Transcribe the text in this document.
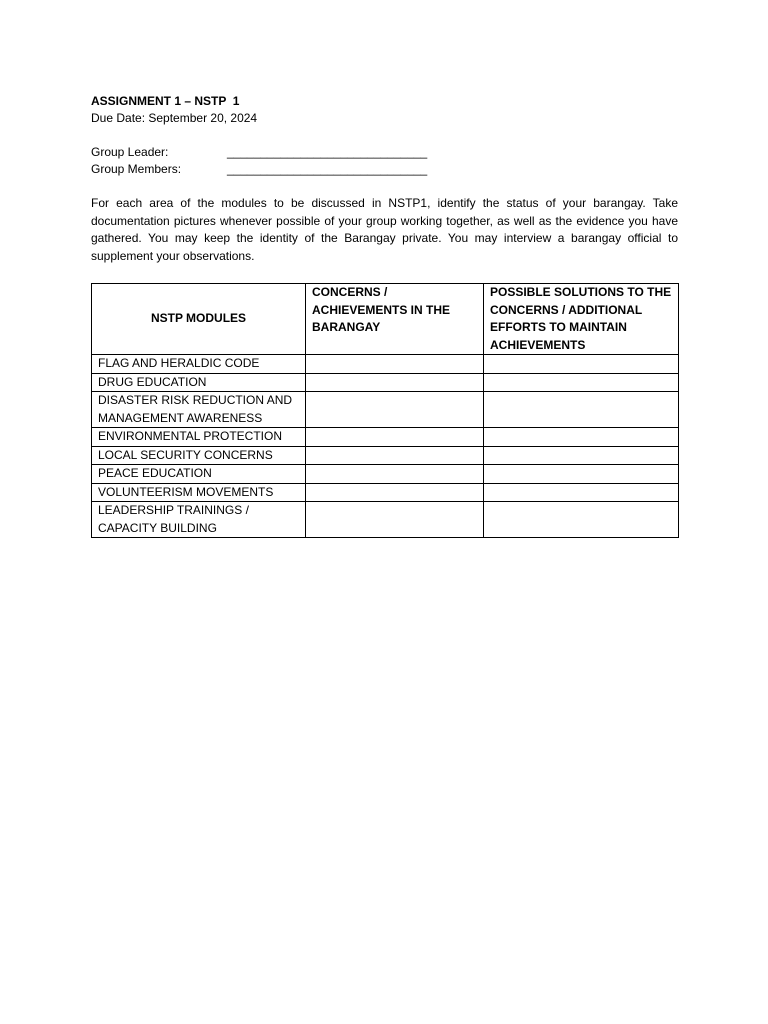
ASSIGNMENT 1 – NSTP  1
Due Date: September 20, 2024
Group Leader:	______________________________
Group Members:	______________________________

For each area of the modules to be discussed in NSTP1, identify the status of your barangay. Take documentation pictures whenever possible of your group working together, as well as the evidence you have gathered. You may keep the identity of the Barangay private. You may interview a barangay official to supplement your observations.

NSTP MODULES	CONCERNS / ACHIEVEMENTS IN THE BARANGAY	POSSIBLE SOLUTIONS TO THE CONCERNS / ADDITIONAL EFFORTS TO MAINTAIN ACHIEVEMENTS
FLAG AND HERALDIC CODE		
DRUG EDUCATION		
DISASTER RISK REDUCTION AND MANAGEMENT AWARENESS		
ENVIRONMENTAL PROTECTION		
LOCAL SECURITY CONCERNS		
PEACE EDUCATION		
VOLUNTEERISM MOVEMENTS		
LEADERSHIP TRAININGS / CAPACITY BUILDING		
